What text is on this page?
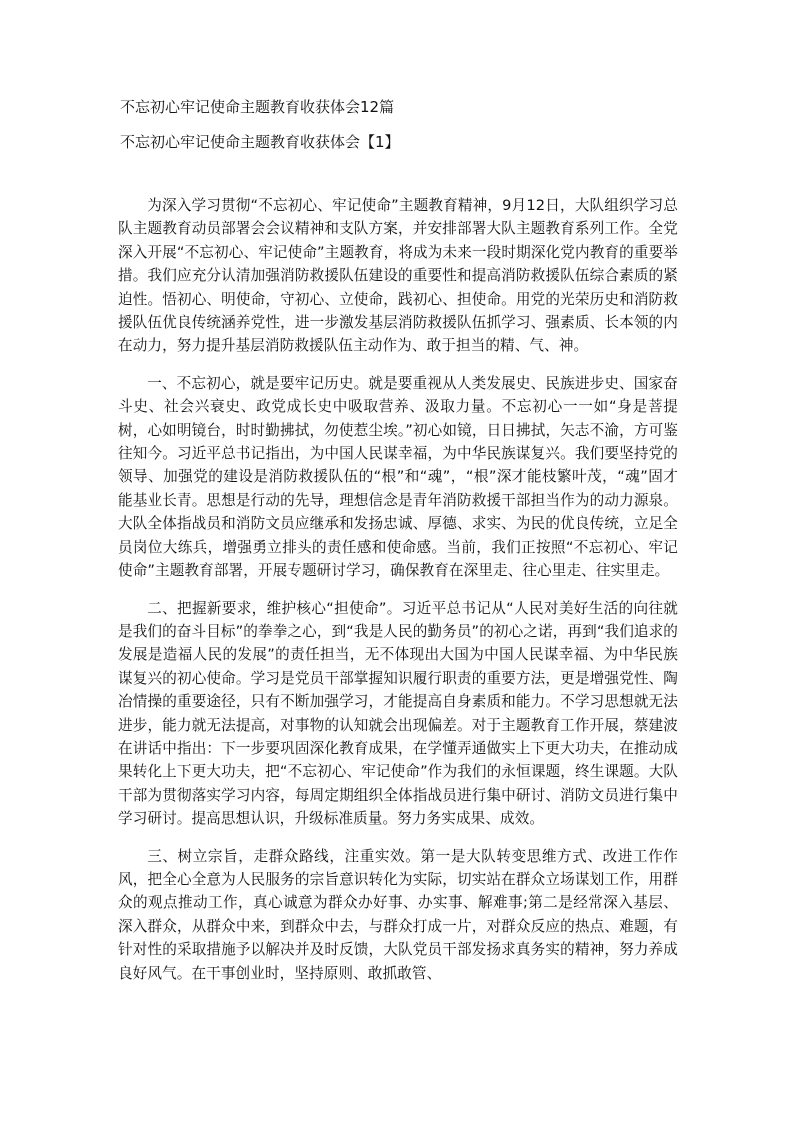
不忘初心牢记使命主题教育收获体会12篇
不忘初心牢记使命主题教育收获体会【1】

为深入学习贯彻“不忘初心、牢记使命”主题教育精神，9月12日，大队组织学习总队主题教育动员部署会会议精神和支队方案，并安排部署大队主题教育系列工作。全党深入开展“不忘初心、牢记使命”主题教育，将成为未来一段时期深化党内教育的重要举措。我们应充分认清加强消防救援队伍建设的重要性和提高消防救援队伍综合素质的紧迫性。悟初心、明使命，守初心、立使命，践初心、担使命。用党的光荣历史和消防救援队伍优良传统涵养党性，进一步激发基层消防救援队伍抓学习、强素质、长本领的内在动力，努力提升基层消防救援队伍主动作为、敢于担当的精、气、神。

一、不忘初心，就是要牢记历史。就是要重视从人类发展史、民族进步史、国家奋斗史、社会兴衰史、政党成长史中吸取营养、汲取力量。不忘初心一一如“身是菩提树，心如明镜台，时时勤拂拭，勿使惹尘埃。”初心如镜，日日拂拭，矢志不渝，方可鉴往知今。习近平总书记指出，为中国人民谋幸福，为中华民族谋复兴。我们要坚持党的领导、加强党的建设是消防救援队伍的“根”和“魂”，“根”深才能枝繁叶茂，“魂”固才能基业长青。思想是行动的先导，理想信念是青年消防救援干部担当作为的动力源泉。大队全体指战员和消防文员应继承和发扬忠诚、厚德、求实、为民的优良传统，立足全员岗位大练兵，增强勇立排头的责任感和使命感。当前，我们正按照“不忘初心、牢记使命”主题教育部署，开展专题研讨学习，确保教育在深里走、往心里走、往实里走。

二、把握新要求，维护核心“担使命”。习近平总书记从“人民对美好生活的向往就是我们的奋斗目标”的拳拳之心，到“我是人民的勤务员”的初心之诺，再到“我们追求的发展是造福人民的发展”的责任担当，无不体现出大国为中国人民谋幸福、为中华民族谋复兴的初心使命。学习是党员干部掌握知识履行职责的重要方法，更是增强党性、陶冶情操的重要途径，只有不断加强学习，才能提高自身素质和能力。不学习思想就无法进步，能力就无法提高，对事物的认知就会出现偏差。对于主题教育工作开展，蔡建波在讲话中指出：下一步要巩固深化教育成果，在学懂弄通做实上下更大功夫，在推动成果转化上下更大功夫，把“不忘初心、牢记使命”作为我们的永恒课题，终生课题。大队干部为贯彻落实学习内容，每周定期组织全体指战员进行集中研讨、消防文员进行集中学习研讨。提高思想认识，升级标准质量。努力务实成果、成效。

三、树立宗旨，走群众路线，注重实效。第一是大队转变思维方式、改进工作作风，把全心全意为人民服务的宗旨意识转化为实际，切实站在群众立场谋划工作，用群众的观点推动工作，真心诚意为群众办好事、办实事、解难事;第二是经常深入基层、深入群众，从群众中来，到群众中去，与群众打成一片，对群众反应的热点、难题，有针对性的采取措施予以解决并及时反馈，大队党员干部发扬求真务实的精神，努力养成良好风气。在干事创业时，坚持原则、敢抓敢管、
